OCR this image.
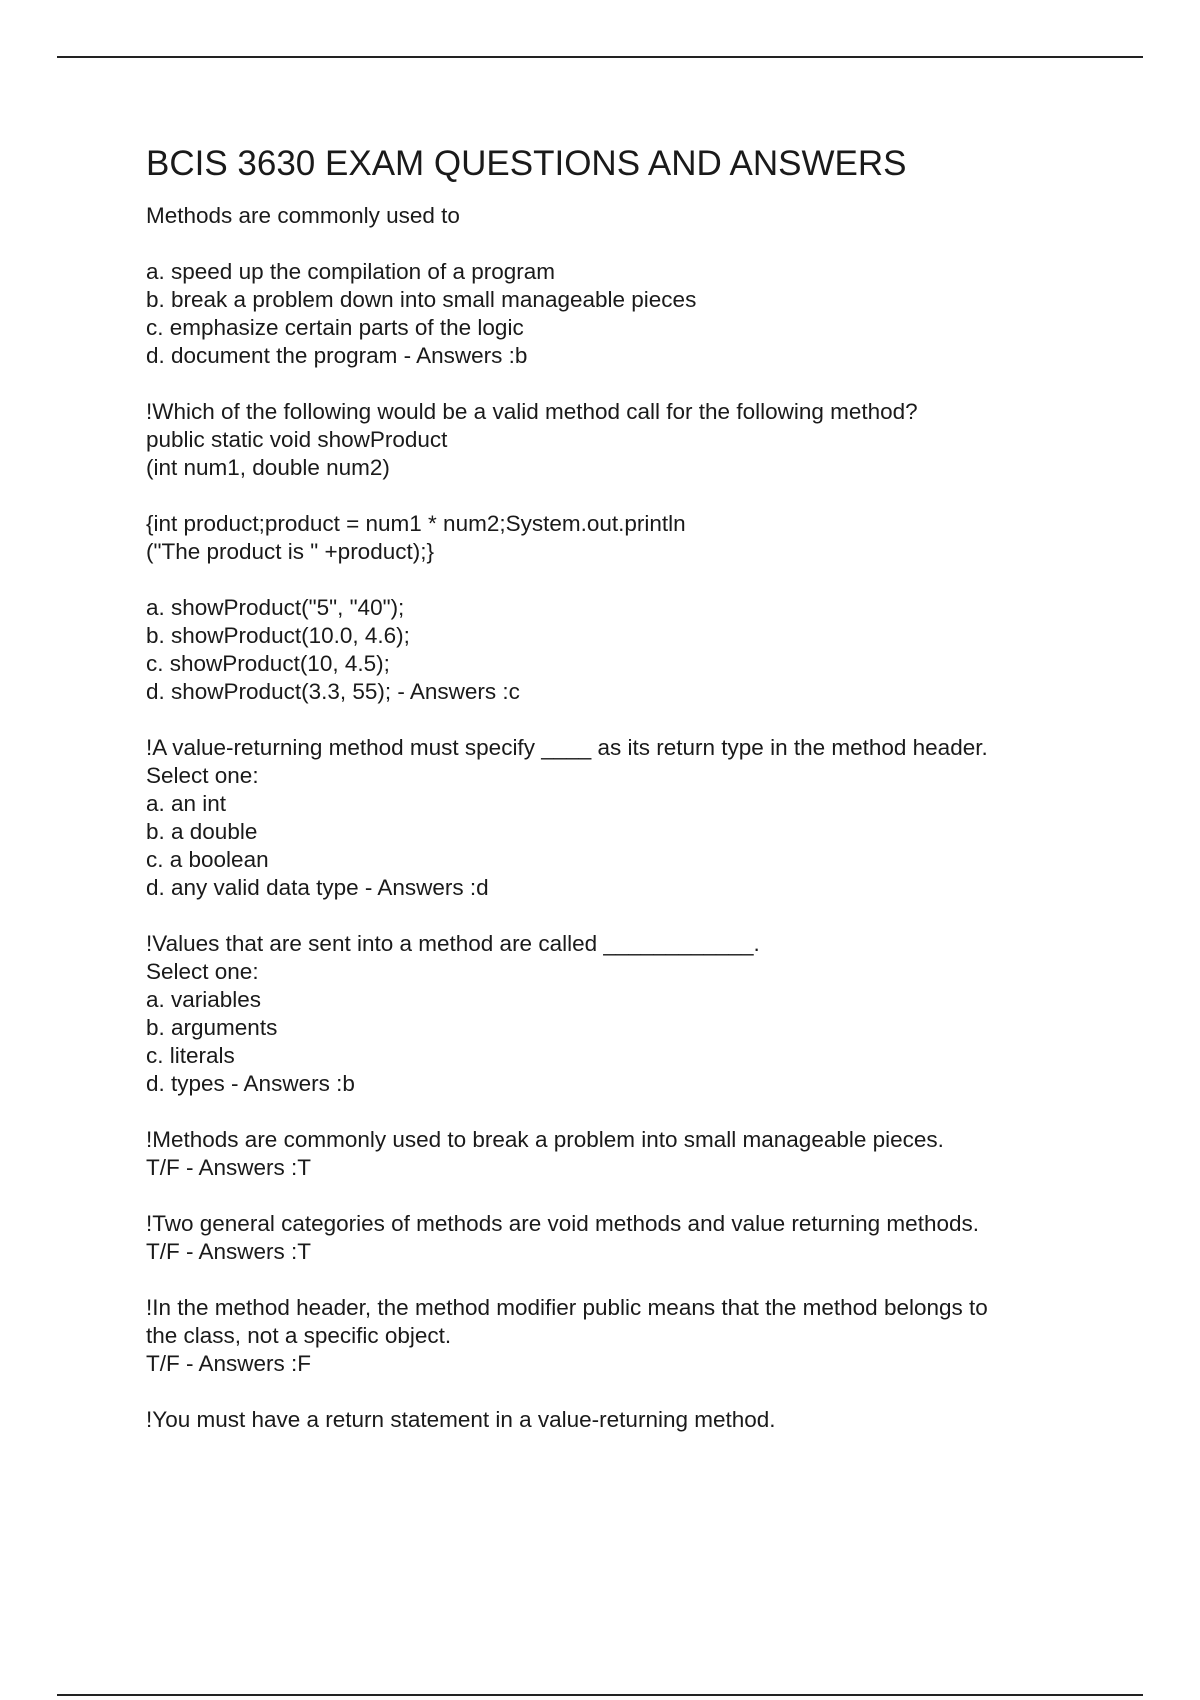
BCIS 3630 EXAM QUESTIONS AND ANSWERS
Methods are commonly used to
a. speed up the compilation of a program
b. break a problem down into small manageable pieces
c. emphasize certain parts of the logic
d. document the program - Answers :b
!Which of the following would be a valid method call for the following method?
public static void showProduct
(int num1, double num2)
{int product;product = num1 * num2;System.out.println
("The product is " +product);}
a. showProduct("5", "40");
b. showProduct(10.0, 4.6);
c. showProduct(10, 4.5);
d. showProduct(3.3, 55); - Answers :c
!A value-returning method must specify ____ as its return type in the method header.
Select one:
a. an int
b. a double
c. a boolean
d. any valid data type - Answers :d
!Values that are sent into a method are called ____________.
Select one:
a. variables
b. arguments
c. literals
d. types - Answers :b
!Methods are commonly used to break a problem into small manageable pieces.
T/F - Answers :T
!Two general categories of methods are void methods and value returning methods.
T/F - Answers :T
!In the method header, the method modifier public means that the method belongs to
the class, not a specific object.
T/F - Answers :F
!You must have a return statement in a value-returning method.
